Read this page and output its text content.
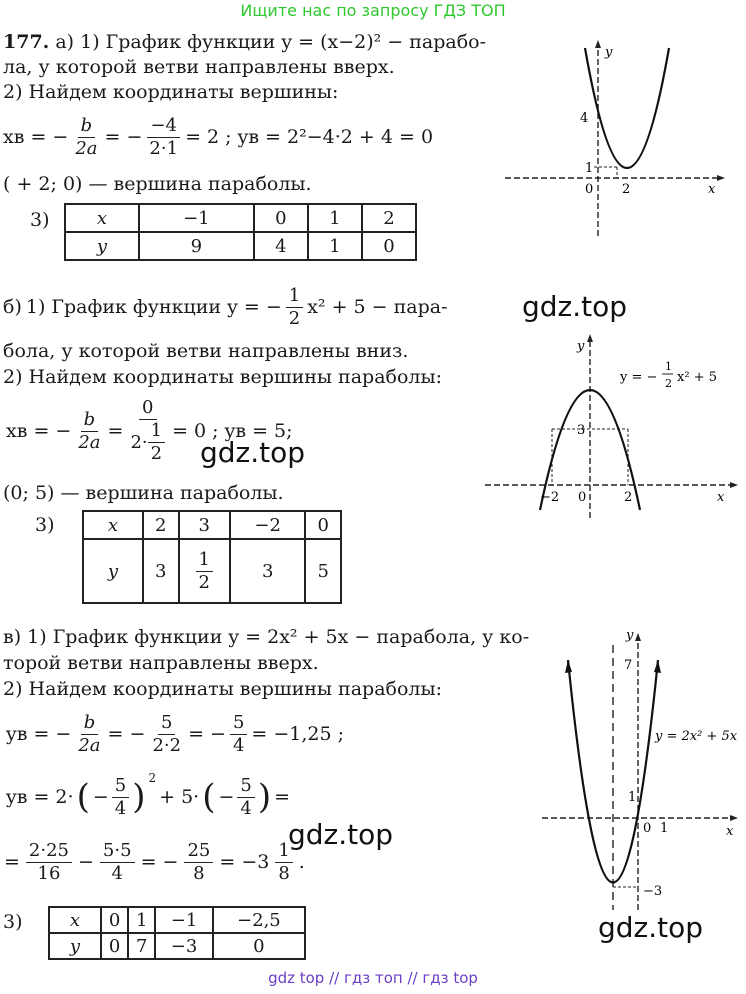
Ищите нас по запросу ГДЗ ТОП
177. а) 1) График функции y = (x−2)² − парабо-
ла, у которой ветви направлены вверх.
2) Найдем координаты вершины:
xв = − $\frac{b}{2a}$ = − $\frac{-4}{2\cdot 1} = 2$ ; yв = 2²−4·2 + 4 = 0
( + 2; 0) — вершина параболы.
3)	x	−1	0	1	2
y	9	4	1	0
y
x
4
1
0 2
б) 1) График функции y = − $\frac{1}{2} x^2 + 5$ − пара-
бола, у которой ветви направлены вниз.
2) Найдем координаты вершины параболы:
xв = − $\frac{b}{2a} = \frac{0}{2\cdot \frac{1}{2}} = 0$ ; yв = 5;
(0; 5) — вершина параболы.
3)	x	2	3	−2	0
y	3	$\frac{1}{2}$	3	5
y
x
y = −
1
2 x² + 5
3
−2 0	2
в) 1) График функции y = 2x² + 5x − парабола, у ко-
торой ветви направлены вверх.
2) Найдем координаты вершины параболы:
yв = − $\frac{b}{2a}$ = − $\frac{5}{2\cdot 2}$ = − $\frac{5}{4} = -1,25$ ;
yв = 2· ( − $\frac{5}{4}$ ) $^2$
+ 5· ( − $\frac{5}{4}$ ) =
= $\frac{2\cdot 25}{16} - \frac{5\cdot 5}{4}$ = − $\frac{25}{8} = -3 \frac{1}{8}$ .
3)	x	0	1	−1	−2,5
y	0	7	−3	0
y
x
7
1
0 1
−3
y = 2x² + 5x
gdz.top
gdz.top
gdz.top
gdz.top
gdz top // гдз топ // гдз top
